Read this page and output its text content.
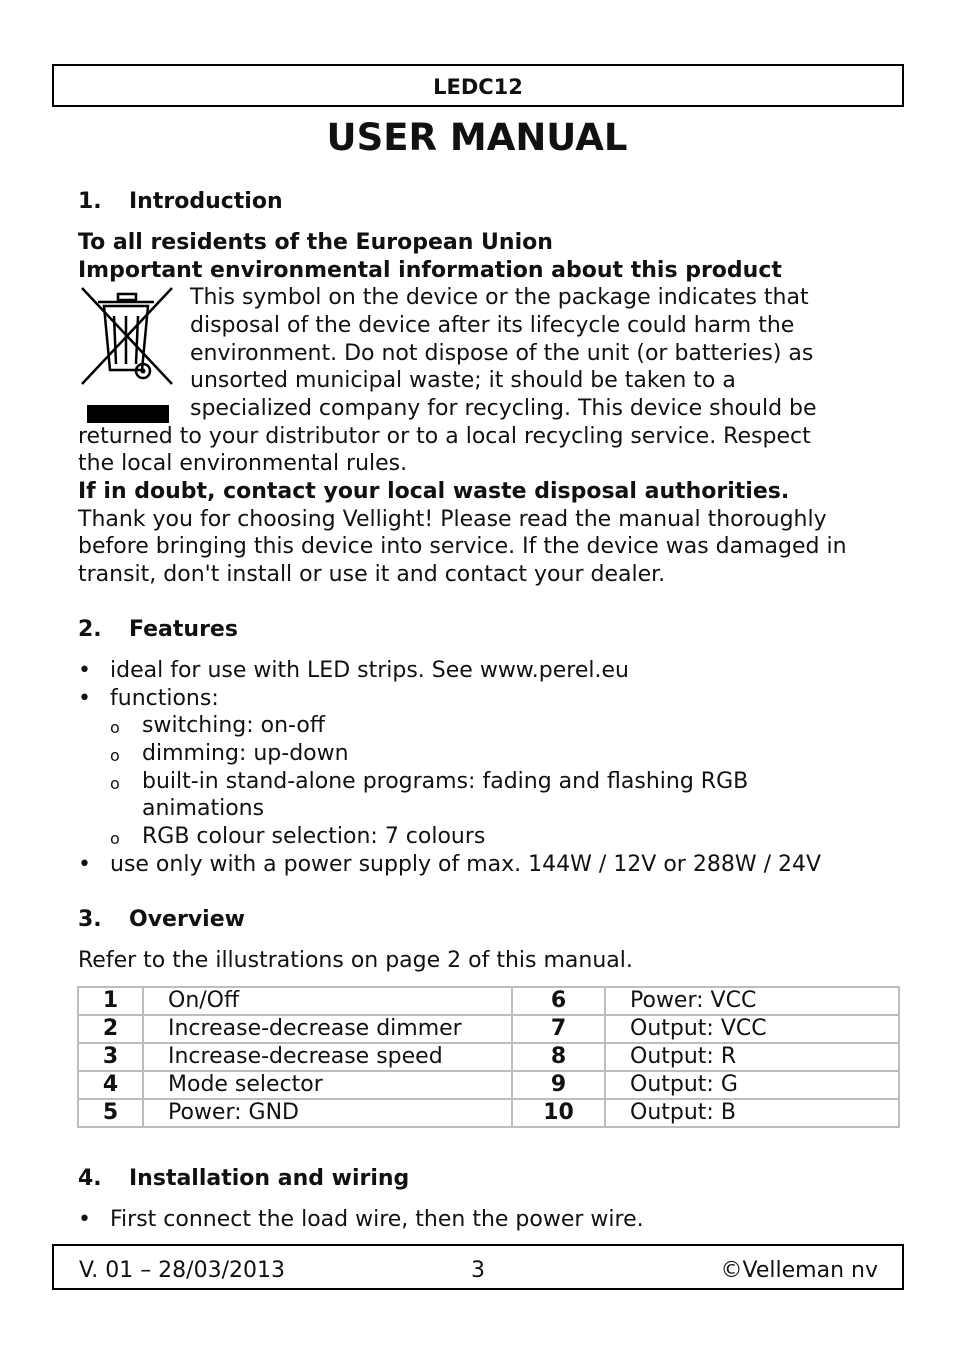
LEDC12
USER MANUAL
1. Introduction
To all residents of the European Union
Important environmental information about this product
This symbol on the device or the package indicates that
disposal of the device after its lifecycle could harm the
environment. Do not dispose of the unit (or batteries) as
unsorted municipal waste; it should be taken to a
specialized company for recycling. This device should be
returned to your distributor or to a local recycling service. Respect
the local environmental rules.
If in doubt, contact your local waste disposal authorities.
Thank you for choosing Vellight! Please read the manual thoroughly
before bringing this device into service. If the device was damaged in
transit, don't install or use it and contact your dealer.
2. Features
• ideal for use with LED strips. See www.perel.eu
• functions:
o switching: on-off
o dimming: up-down
o built-in stand-alone programs: fading and flashing RGB
animations
o RGB colour selection: 7 colours
• use only with a power supply of max. 144W / 12V or 288W / 24V
3. Overview
Refer to the illustrations on page 2 of this manual.
1	On/Off	6	Power: VCC
2	Increase-decrease dimmer	7	Output: VCC
3	Increase-decrease speed	8	Output: R
4	Mode selector	9	Output: G
5	Power: GND	10	Output: B
4. Installation and wiring
• First connect the load wire, then the power wire.
V. 01 – 28/03/2013	3	©Velleman nv
